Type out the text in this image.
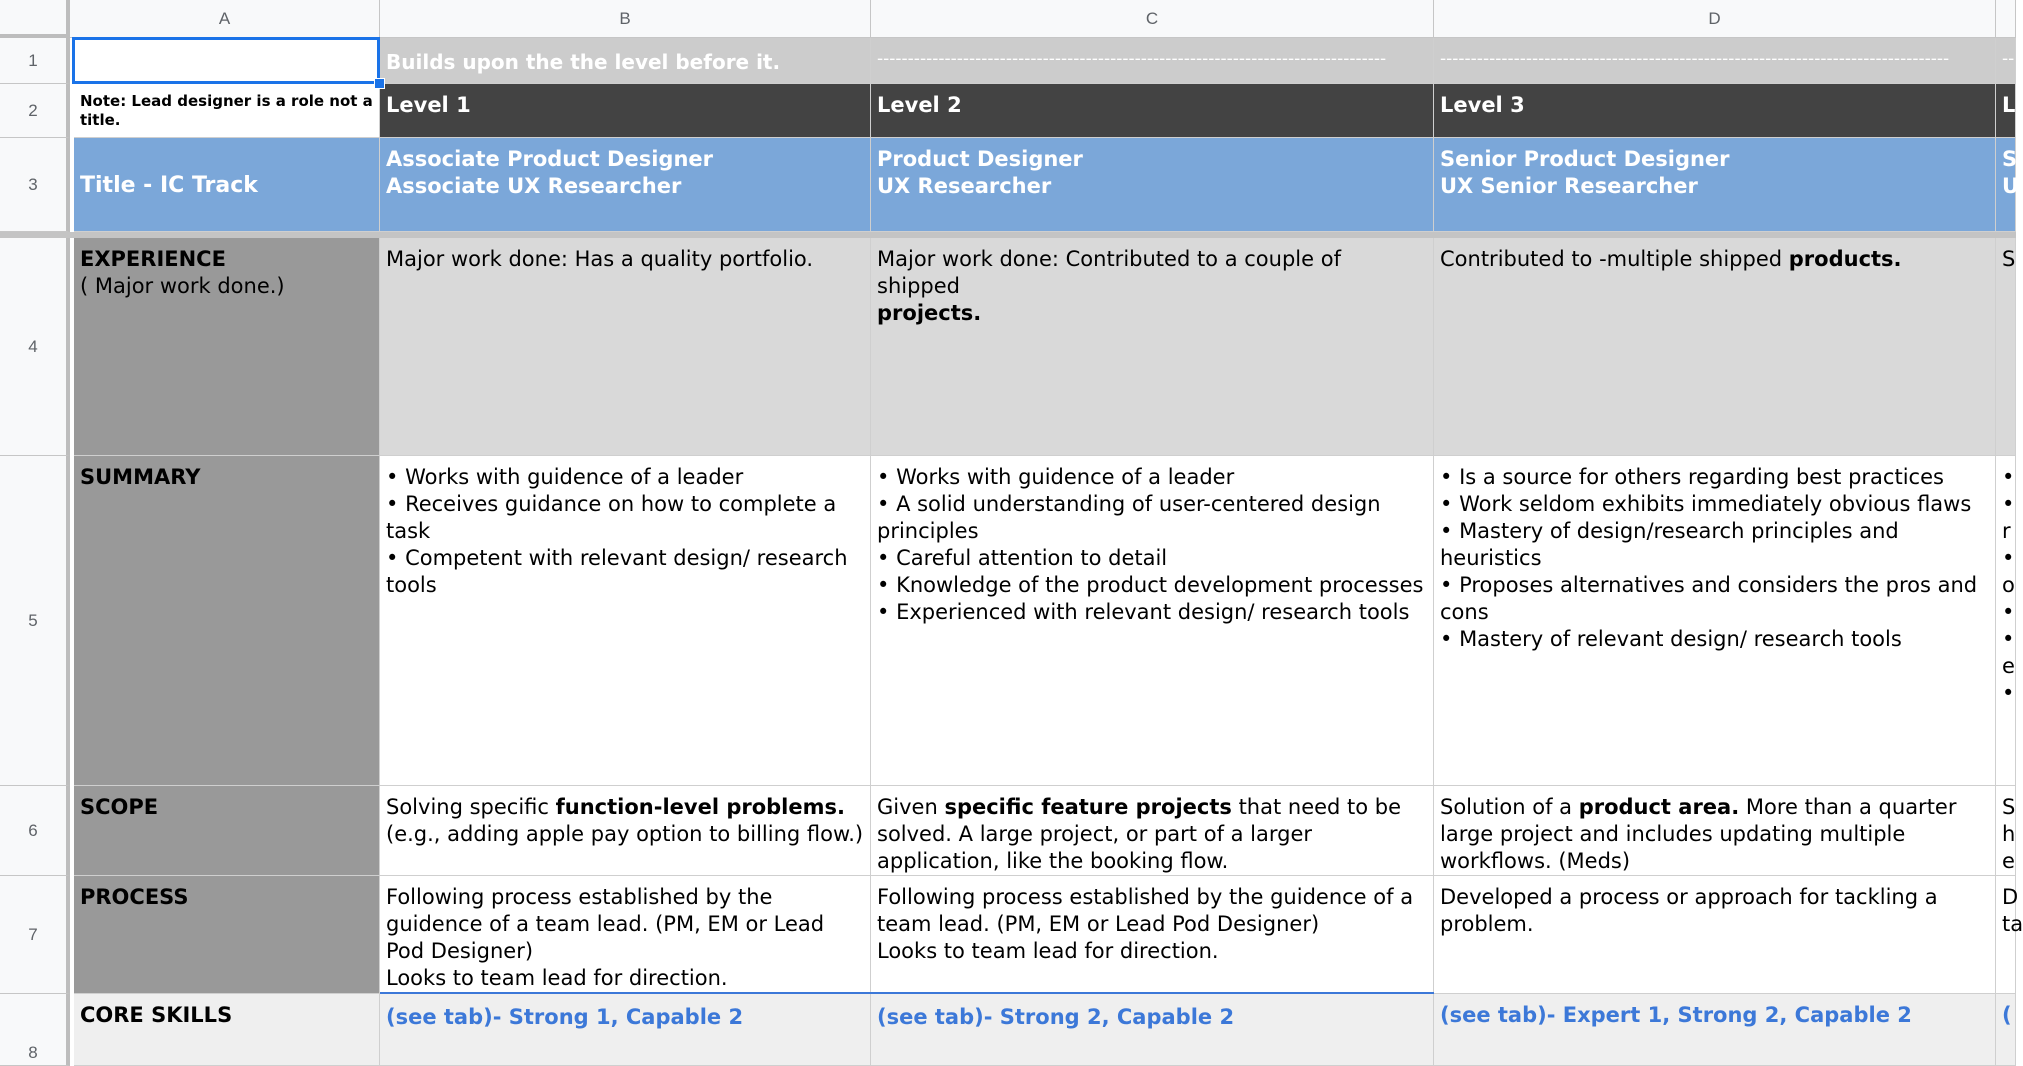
A	B	C	D
1
2
3
4
5
6
7
8
Builds upon the the level before it.	-----------------------------------------------------------------------------------	-----------------------------------------------------------------------------------	--
Note: Lead designer is a role not a title.
Level 1	Level 2	Level 3	L
Title - IC Track
Associate Product Designer
Associate UX Researcher
Product Designer
UX Researcher
Senior Product Designer
UX Senior Researcher
S
U
EXPERIENCE
( Major work done.)
Major work done: Has a quality portfolio.	Major work done: Contributed to a couple of shipped
projects.
Contributed to -multiple shipped products.	S
SUMMARY
•	Works with guidence of a leader
• Receives guidance on how to complete a task
• Competent with relevant design/ research tools
• Works with guidence of a leader
• A solid understanding of user-centered design principles
• Careful attention to detail
• Knowledge of the product development processes
• Experienced with relevant design/ research tools
• Is a source for others regarding best practices
• Work seldom exhibits immediately obvious flaws
• Mastery of design/research principles and heuristics
• Proposes alternatives and considers the pros and cons
• Mastery of relevant design/ research tools
•
•
r
•
o
•
•
e
•
SCOPE	Solving specific function-level problems.
(e.g., adding apple pay option to billing flow.)
Given specific feature projects that need to be solved. A large project, or part of a larger application, like the booking flow.
Solution of a product area. More than a quarter large project and includes updating multiple workflows. (Meds)
S
h
e
PROCESS	Following process established by the guidence of a team lead. (PM, EM or Lead Pod Designer)
Looks to team lead for direction.
Following process established by the guidence of a team lead. (PM, EM or Lead Pod Designer)
Looks to team lead for direction.
Developed a process or approach for tackling a problem.
D
ta
CORE SKILLS	(see tab)- Strong 1, Capable 2	(see tab)- Strong 2, Capable 2	(see tab)- Expert 1, Strong 2, Capable 2	(
